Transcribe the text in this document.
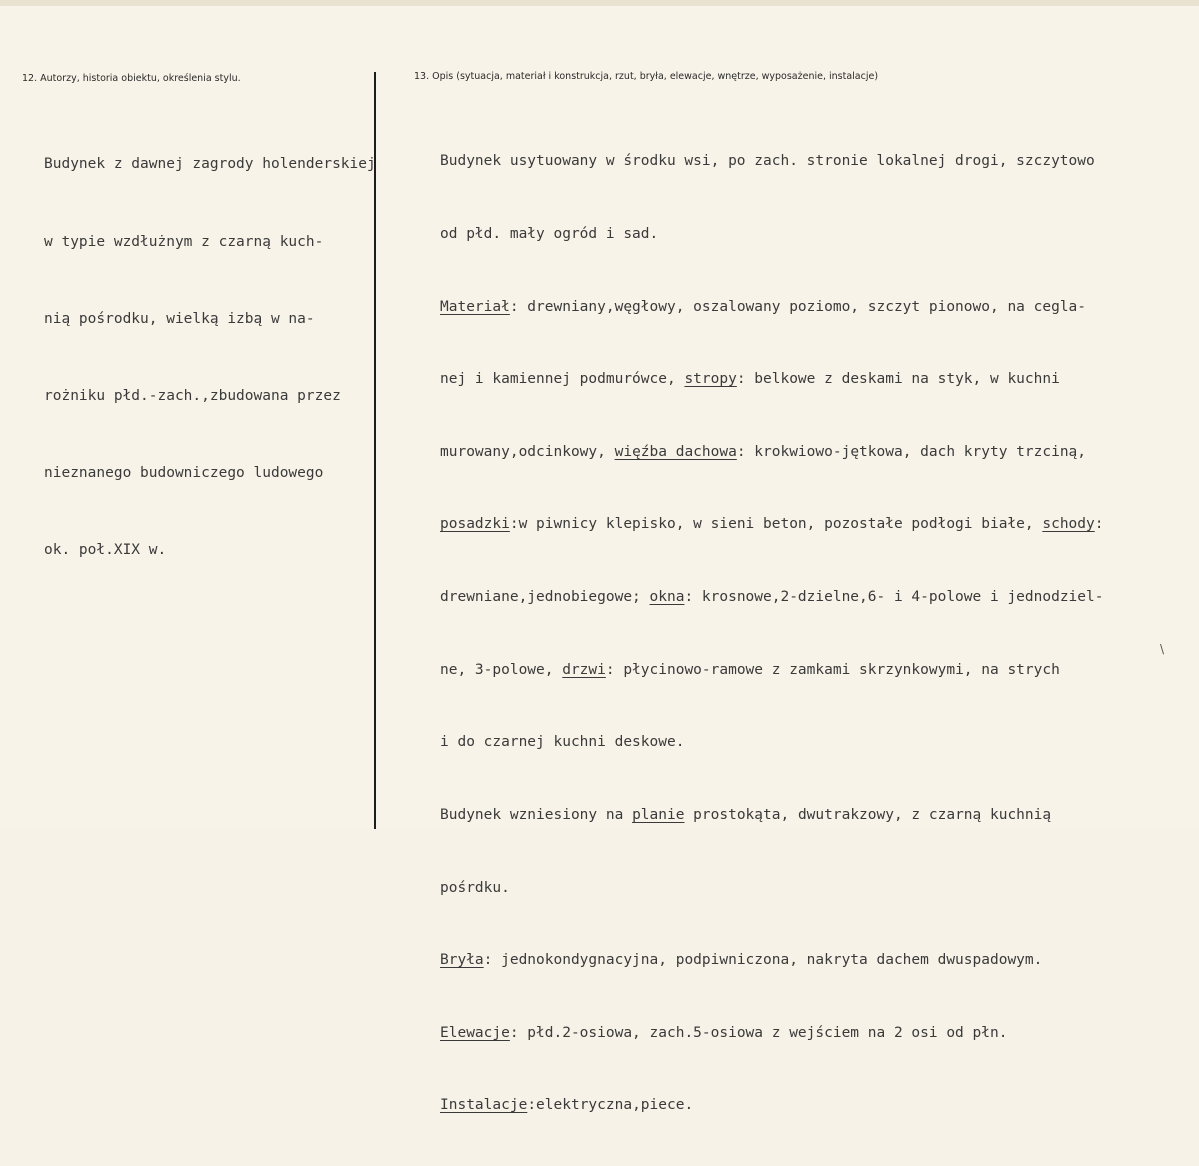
12. Autorzy, historia obiektu, określenia stylu.	13. Opis (sytuacja, materiał i konstrukcja, rzut, bryła, elewacje, wnętrze, wyposażenie, instalacje)

Budynek z dawnej zagrody holenderskiej

w typie wzdłużnym z czarną kuch-

nią pośrodku, wielką izbą w na-

rożniku płd.-zach.,zbudowana przez

nieznanego budowniczego ludowego

ok. poł.XIX w.

Budynek usytuowany w środku wsi, po zach. stronie lokalnej drogi, szczytowo

od płd. mały ogród i sad.

Materiał: drewniany,węgłowy, oszalowany poziomo, szczyt pionowo, na cegla-

nej i kamiennej podmurówce, stropy: belkowe z deskami na styk, w kuchni

murowany,odcinkowy, więźba dachowa: krokwiowo-jętkowa, dach kryty trzciną,

posadzki:w piwnicy klepisko, w sieni beton, pozostałe podłogi białe, schody:

drewniane,jednobiegowe; okna: krosnowe,2-dzielne,6- i 4-polowe i jednodziel-

ne, 3-polowe, drzwi: płycinowo-ramowe z zamkami skrzynkowymi, na strych

i do czarnej kuchni deskowe.

Budynek wzniesiony na planie prostokąta, dwutrakzowy, z czarną kuchnią

pośrdku.

Bryła: jednokondygnacyjna, podpiwniczona, nakryta dachem dwuspadowym.

Elewacje: płd.2-osiowa, zach.5-osiowa z wejściem na 2 osi od płn.

Instalacje:elektryczna,piece.

\
